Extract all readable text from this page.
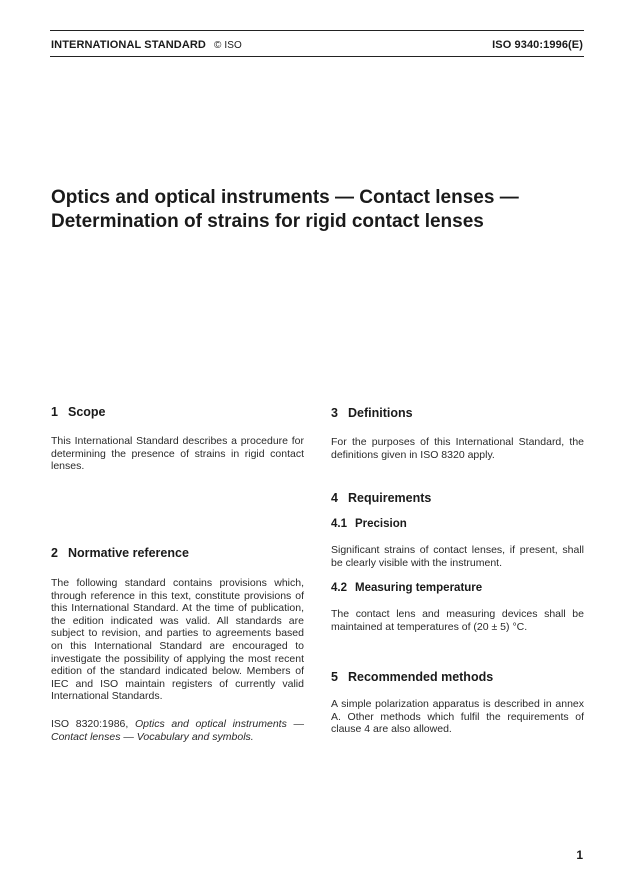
INTERNATIONAL STANDARD © ISO	ISO 9340:1996(E)
Optics and optical instruments — Contact lenses —
Determination of strains for rigid contact lenses
1 Scope

This International Standard describes a procedure for determining the presence of strains in rigid contact lenses.

2 Normative reference

The following standard contains provisions which, through reference in this text, constitute provisions of this International Standard. At the time of publication, the edition indicated was valid. All standards are subject to revision, and parties to agreements based on this International Standard are encouraged to investigate the possibility of applying the most recent edition of the standard indicated below. Members of IEC and ISO maintain registers of currently valid International Standards.

ISO 8320:1986, Optics and optical instruments — Contact lenses — Vocabulary and symbols.

3 Definitions

For the purposes of this International Standard, the definitions given in ISO 8320 apply.

4 Requirements
4.1 Precision

Significant strains of contact lenses, if present, shall be clearly visible with the instrument.

4.2 Measuring temperature

The contact lens and measuring devices shall be maintained at temperatures of (20 ± 5) °C.

5 Recommended methods

A simple polarization apparatus is described in annex A. Other methods which fulfil the requirements of clause 4 are also allowed.

1
